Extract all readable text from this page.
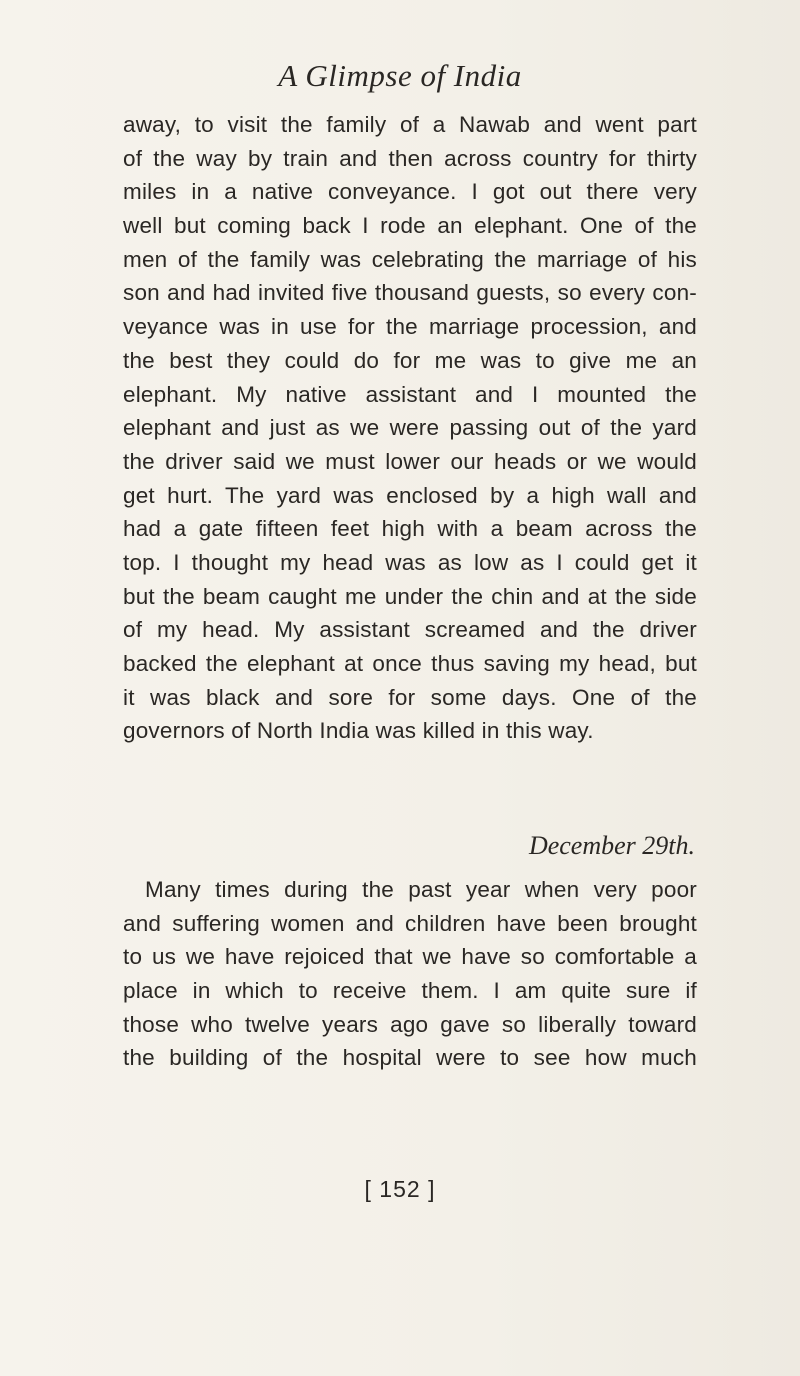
A Glimpse of India
away, to visit the family of a Nawab and went part
of the way by train and then across country for thirty
miles in a native conveyance. I got out there very
well but coming back I rode an elephant. One of the
men of the family was celebrating the marriage of his
son and had invited five thousand guests, so every con-
veyance was in use for the marriage procession, and
the best they could do for me was to give me an
elephant. My native assistant and I mounted the
elephant and just as we were passing out of the yard
the driver said we must lower our heads or we would
get hurt. The yard was enclosed by a high wall and
had a gate fifteen feet high with a beam across the
top. I thought my head was as low as I could get it
but the beam caught me under the chin and at the side
of my head. My assistant screamed and the driver
backed the elephant at once thus saving my head, but
it was black and sore for some days. One of the
governors of North India was killed in this way.
December 29th.
Many times during the past year when very poor
and suffering women and children have been brought
to us we have rejoiced that we have so comfortable a
place in which to receive them. I am quite sure if
those who twelve years ago gave so liberally toward
the building of the hospital were to see how much
[ 152 ]
